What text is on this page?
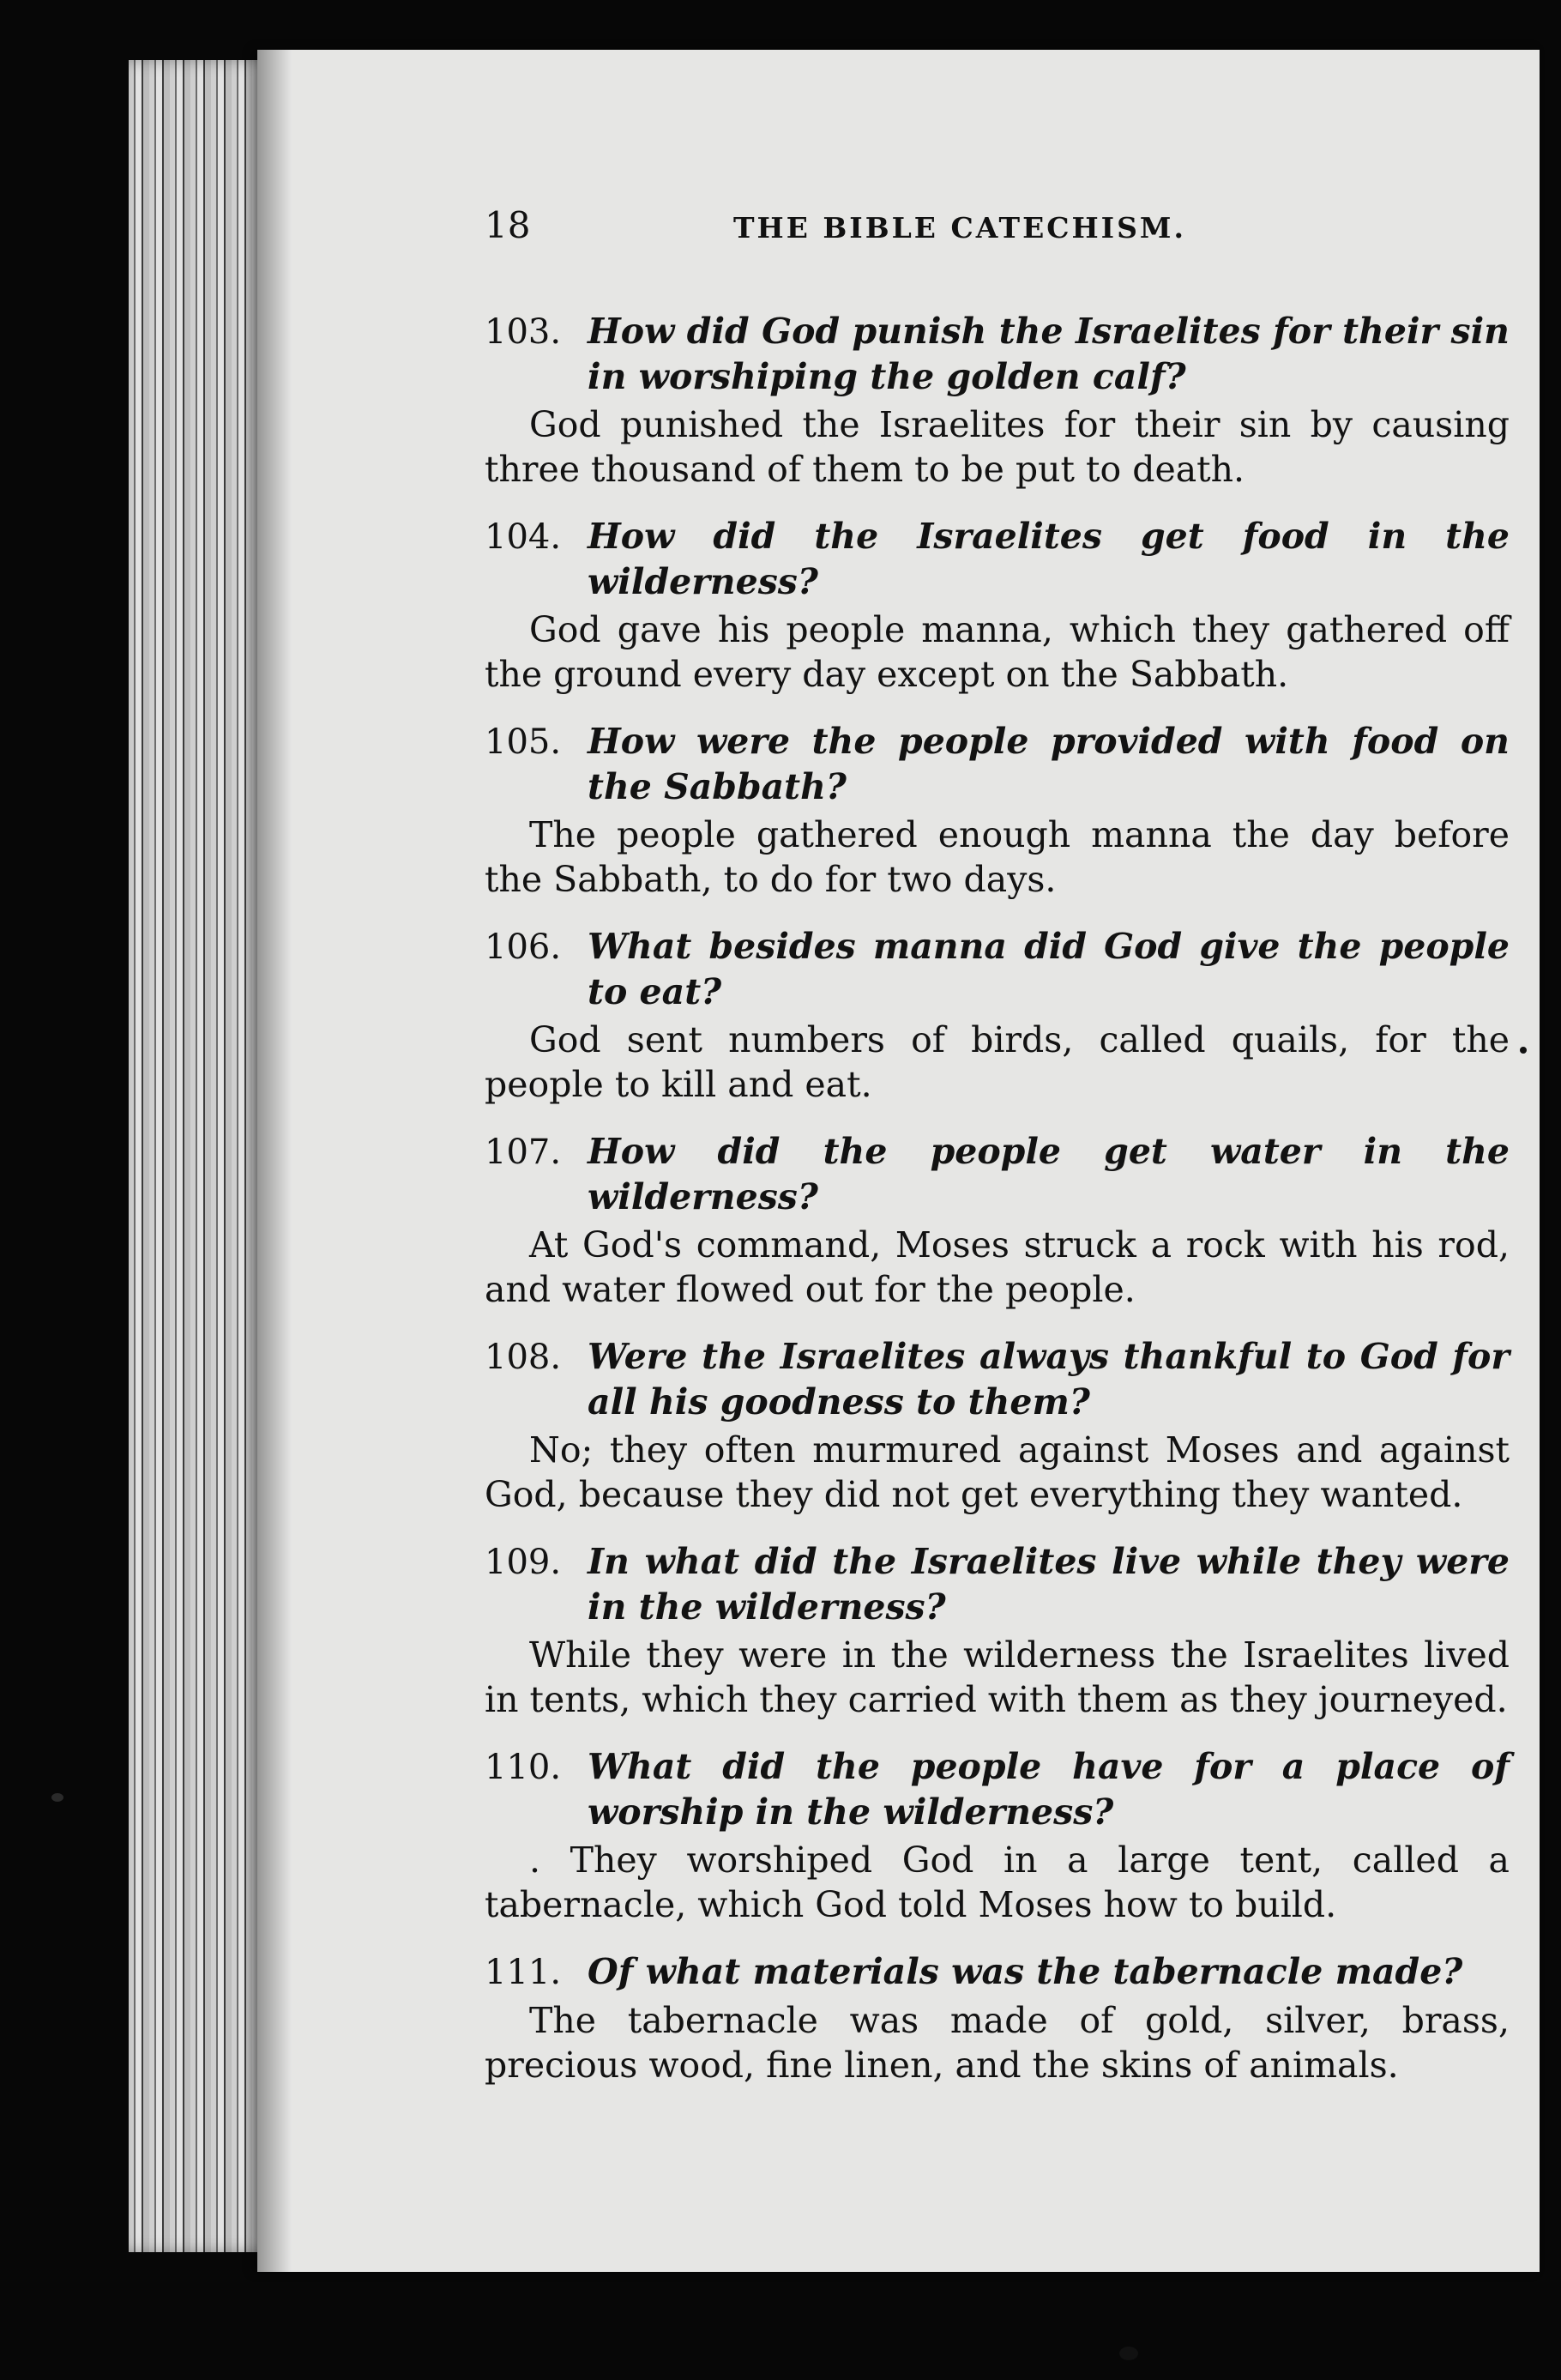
18	THE BIBLE CATECHISM.
103. How did God punish the Israelites for their sin in worshiping the golden calf?
God punished the Israelites for their sin by causing three thousand of them to be put to death.
104. How did the Israelites get food in the wilderness?
God gave his people manna, which they gathered off the ground every day except on the Sabbath.
105. How were the people provided with food on the Sabbath?
The people gathered enough manna the day before the Sabbath, to do for two days.
106. What besides manna did God give the people to eat?
God sent numbers of birds, called quails, for the people to kill and eat.
107. How did the people get water in the wilderness?
At God's command, Moses struck a rock with his rod, and water flowed out for the people.
108. Were the Israelites always thankful to God for all his goodness to them?
No; they often murmured against Moses and against God, because they did not get everything they wanted.
109. In what did the Israelites live while they were in the wilderness?
While they were in the wilderness the Israelites lived in tents, which they carried with them as they journeyed.
110. What did the people have for a place of worship in the wilderness?
. They worshiped God in a large tent, called a tabernacle, which God told Moses how to build.
111. Of what materials was the tabernacle made?
The tabernacle was made of gold, silver, brass, precious wood, fine linen, and the skins of animals.
